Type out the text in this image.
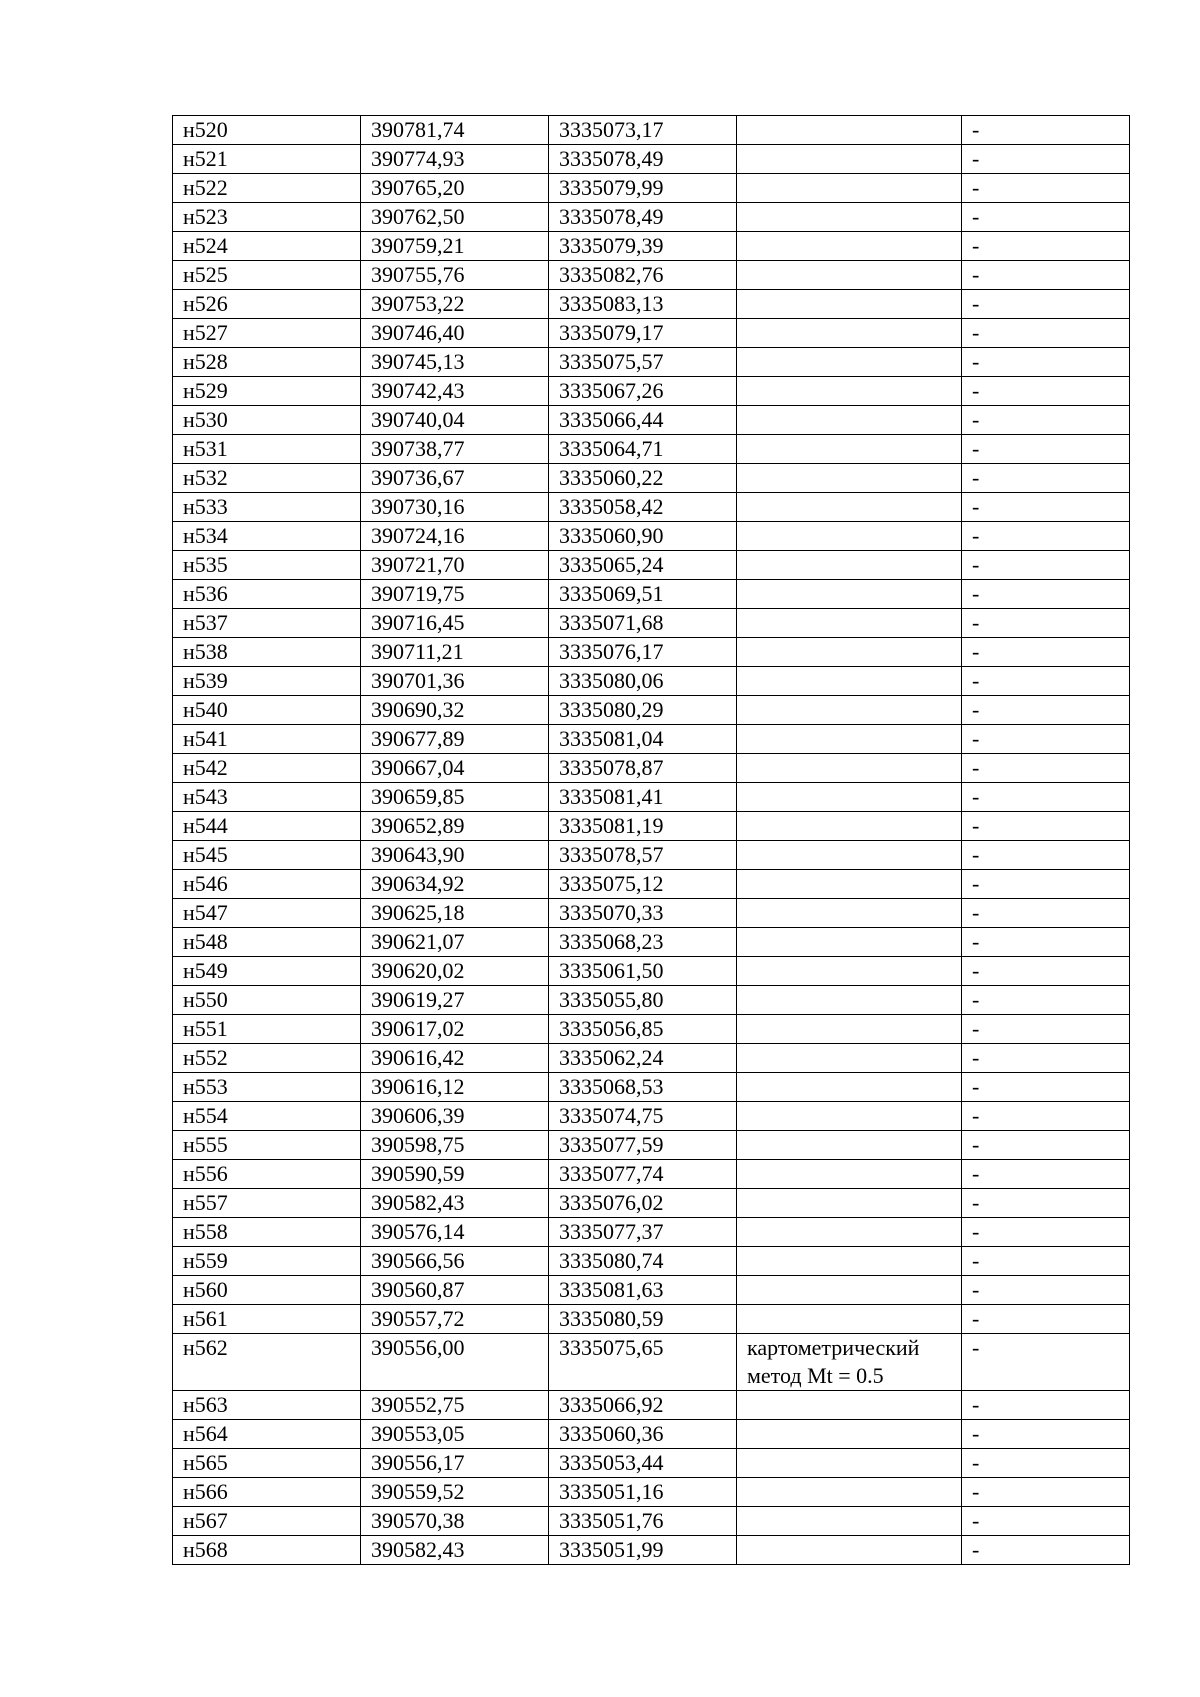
н520	390781,74	3335073,17		-
н521	390774,93	3335078,49		-
н522	390765,20	3335079,99		-
н523	390762,50	3335078,49		-
н524	390759,21	3335079,39		-
н525	390755,76	3335082,76		-
н526	390753,22	3335083,13		-
н527	390746,40	3335079,17		-
н528	390745,13	3335075,57		-
н529	390742,43	3335067,26		-
н530	390740,04	3335066,44		-
н531	390738,77	3335064,71		-
н532	390736,67	3335060,22		-
н533	390730,16	3335058,42		-
н534	390724,16	3335060,90		-
н535	390721,70	3335065,24		-
н536	390719,75	3335069,51		-
н537	390716,45	3335071,68		-
н538	390711,21	3335076,17		-
н539	390701,36	3335080,06		-
н540	390690,32	3335080,29		-
н541	390677,89	3335081,04		-
н542	390667,04	3335078,87		-
н543	390659,85	3335081,41		-
н544	390652,89	3335081,19		-
н545	390643,90	3335078,57		-
н546	390634,92	3335075,12		-
н547	390625,18	3335070,33		-
н548	390621,07	3335068,23		-
н549	390620,02	3335061,50		-
н550	390619,27	3335055,80		-
н551	390617,02	3335056,85		-
н552	390616,42	3335062,24		-
н553	390616,12	3335068,53		-
н554	390606,39	3335074,75		-
н555	390598,75	3335077,59		-
н556	390590,59	3335077,74		-
н557	390582,43	3335076,02		-
н558	390576,14	3335077,37		-
н559	390566,56	3335080,74		-
н560	390560,87	3335081,63		-
н561	390557,72	3335080,59		-
н562	390556,00	3335075,65	картометрический метод Mt = 0.5	-
н563	390552,75	3335066,92		-
н564	390553,05	3335060,36		-
н565	390556,17	3335053,44		-
н566	390559,52	3335051,16		-
н567	390570,38	3335051,76		-
н568	390582,43	3335051,99		-
